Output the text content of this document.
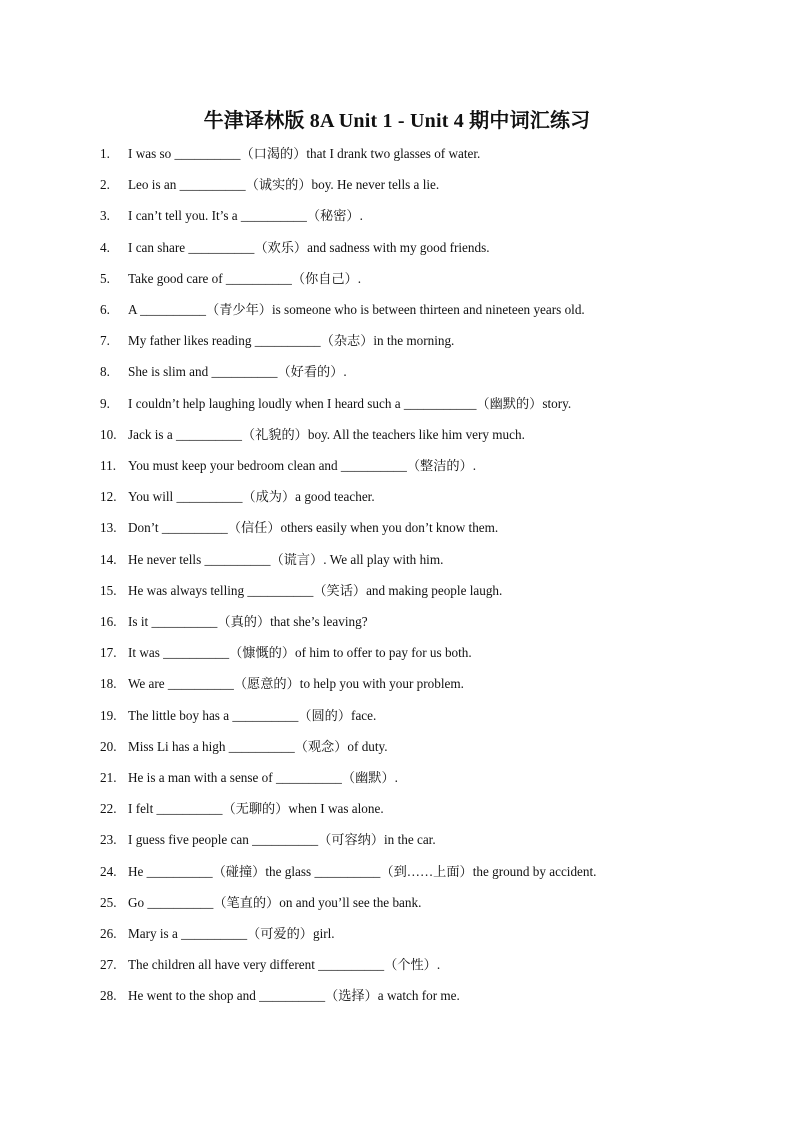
牛津译林版 8A Unit 1 - Unit 4 期中词汇练习
1.	I was so __________（口渴的）that I drank two glasses of water.
2.	Leo is an __________（诚实的）boy. He never tells a lie.
3.	I can’t tell you. It’s a __________（秘密）.
4.	I can share __________（欢乐）and sadness with my good friends.
5.	Take good care of __________（你自己）.
6.	A __________（青少年）is someone who is between thirteen and nineteen years old.
7.	My father likes reading __________（杂志）in the morning.
8.	She is slim and __________（好看的）.
9.	I couldn’t help laughing loudly when I heard such a ___________（幽默的）story.
10. Jack is a __________（礼貌的）boy. All the teachers like him very much.
11. You must keep your bedroom clean and __________（整洁的）.
12. You will __________（成为）a good teacher.
13. Don’t __________（信任）others easily when you don’t know them.
14. He never tells __________（谎言）. We all play with him.
15. He was always telling __________（笑话）and making people laugh.
16. Is it __________（真的）that she’s leaving?
17. It was __________（慷慨的）of him to offer to pay for us both.
18. We are __________（愿意的）to help you with your problem.
19. The little boy has a __________（圆的）face.
20. Miss Li has a high __________（观念）of duty.
21. He is a man with a sense of __________（幽默）.
22. I felt __________（无聊的）when I was alone.
23. I guess five people can __________（可容纳）in the car.
24. He __________（碰撞）the glass __________（到……上面）the ground by accident.
25. Go __________（笔直的）on and you’ll see the bank.
26. Mary is a __________（可爱的）girl.
27. The children all have very different __________（个性）.
28. He went to the shop and __________（选择）a watch for me.
